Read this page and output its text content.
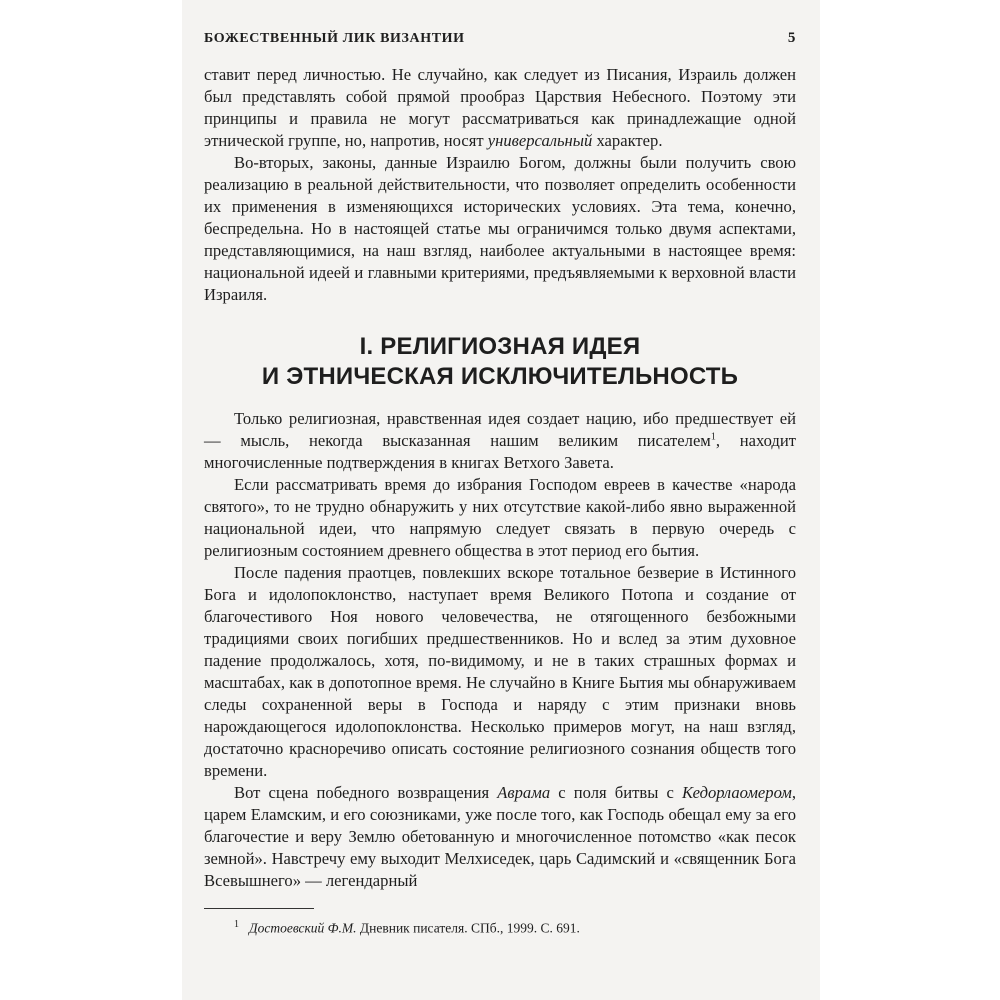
БОЖЕСТВЕННЫЙ ЛИК ВИЗАНТИИ	5

ставит перед личностью. Не случайно, как следует из Писания, Израиль должен был представлять собой прямой прообраз Царствия Небесного. Поэтому эти принципы и правила не могут рассматриваться как принадлежащие одной этнической группе, но, напротив, носят универсальный характер.

Во-вторых, законы, данные Израилю Богом, должны были получить свою реализацию в реальной действительности, что позволяет определить особенности их применения в изменяющихся исторических условиях. Эта тема, конечно, беспредельна. Но в настоящей статье мы ограничимся только двумя аспектами, представляющимися, на наш взгляд, наиболее актуальными в настоящее время: национальной идеей и главными критериями, предъявляемыми к верховной власти Израиля.

I. РЕЛИГИОЗНАЯ ИДЕЯ
И ЭТНИЧЕСКАЯ ИСКЛЮЧИТЕЛЬНОСТЬ

Только религиозная, нравственная идея создает нацию, ибо предшествует ей — мысль, некогда высказанная нашим великим писателем$^1$, находит многочисленные подтверждения в книгах Ветхого Завета.

Если рассматривать время до избрания Господом евреев в качестве «народа святого», то не трудно обнаружить у них отсутствие какой-либо явно выраженной национальной идеи, что напрямую следует связать в первую очередь с религиозным состоянием древнего общества в этот период его бытия.

После падения праотцев, повлекших вскоре тотальное безверие в Истинного Бога и идолопоклонство, наступает время Великого Потопа и создание от благочестивого Ноя нового человечества, не отягощенного безбожными традициями своих погибших предшественников. Но и вслед за этим духовное падение продолжалось, хотя, по-видимому, и не в таких страшных формах и масштабах, как в допотопное время. Не случайно в Книге Бытия мы обнаруживаем следы сохраненной веры в Господа и наряду с этим признаки вновь нарождающегося идолопоклонства. Несколько примеров могут, на наш взгляд, достаточно красноречиво описать состояние религиозного сознания обществ того времени.

Вот сцена победного возвращения Аврама с поля битвы с Кедорлаомером, царем Еламским, и его союзниками, уже после того, как Господь обещал ему за его благочестие и веру Землю обетованную и многочисленное потомство «как песок земной». Навстречу ему выходит Мелхиседек, царь Садимский и «священник Бога Всевышнего» — легендарный

$^1$ Достоевский Ф.М. Дневник писателя. СПб., 1999. С. 691.
